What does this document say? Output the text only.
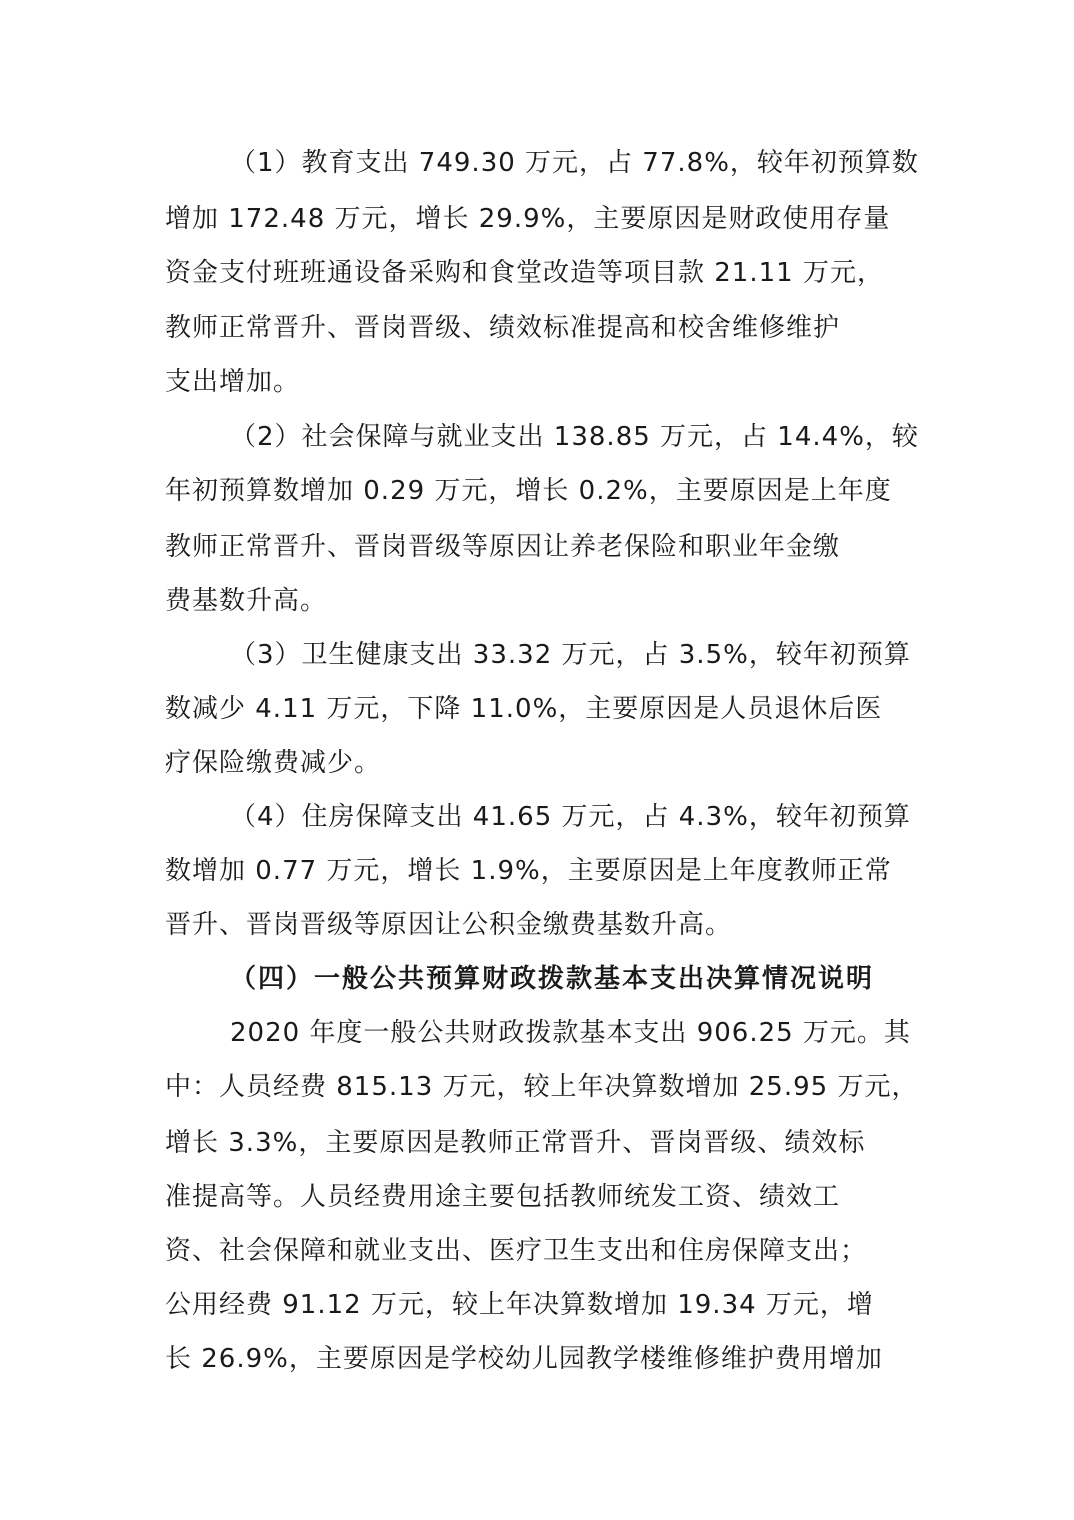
（1）教育支出 749.30 万元，占 77.8%，较年初预算数
增加 172.48 万元，增长 29.9%，主要原因是财政使用存量
资金支付班班通设备采购和食堂改造等项目款 21.11 万元，
教师正常晋升、晋岗晋级、绩效标准提高和校舍维修维护
支出增加。
（2）社会保障与就业支出 138.85 万元，占 14.4%，较
年初预算数增加 0.29 万元，增长 0.2%，主要原因是上年度
教师正常晋升、晋岗晋级等原因让养老保险和职业年金缴
费基数升高。
（3）卫生健康支出 33.32 万元，占 3.5%，较年初预算
数减少 4.11 万元，下降 11.0%，主要原因是人员退休后医
疗保险缴费减少。
（4）住房保障支出 41.65 万元，占 4.3%，较年初预算
数增加 0.77 万元，增长 1.9%，主要原因是上年度教师正常
晋升、晋岗晋级等原因让公积金缴费基数升高。
（四）一般公共预算财政拨款基本支出决算情况说明
2020 年度一般公共财政拨款基本支出 906.25 万元。其
中：人员经费 815.13 万元，较上年决算数增加 25.95 万元，
增长 3.3%，主要原因是教师正常晋升、晋岗晋级、绩效标
准提高等。人员经费用途主要包括教师统发工资、绩效工
资、社会保障和就业支出、医疗卫生支出和住房保障支出；
公用经费 91.12 万元，较上年决算数增加 19.34 万元，增
长 26.9%，主要原因是学校幼儿园教学楼维修维护费用增加
